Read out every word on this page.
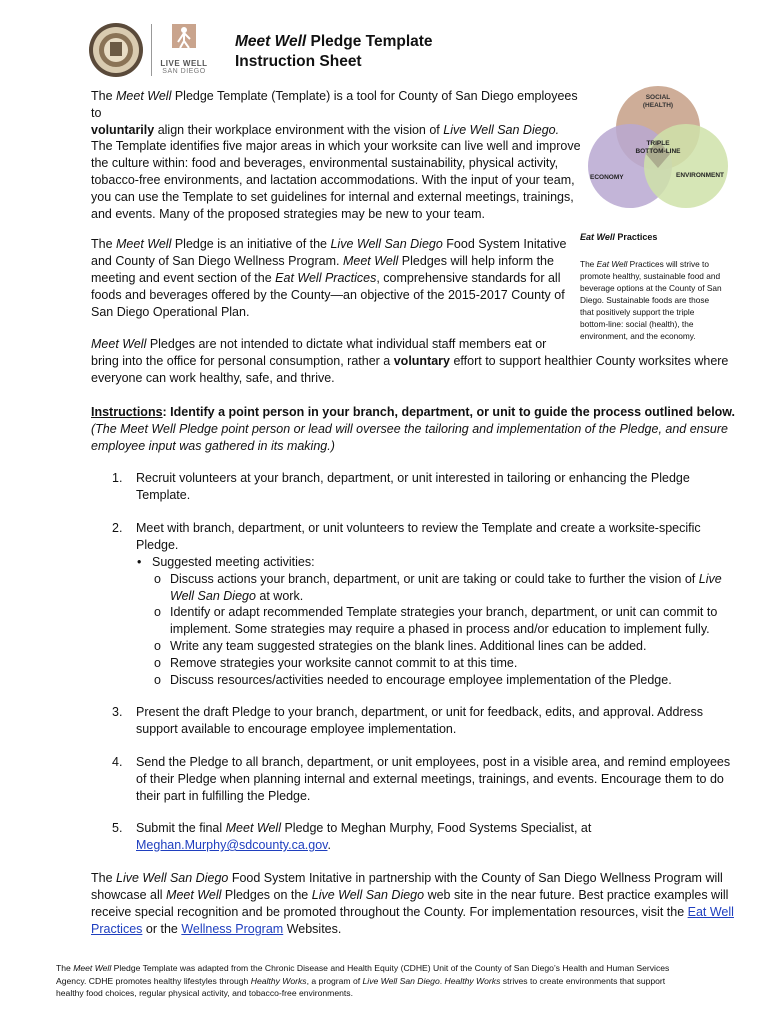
LIVE WELL
SAN DIEGO
Meet Well Pledge Template
Instruction Sheet
The Meet Well Pledge Template (Template) is a tool for County of San Diego employees to
voluntarily align their workplace environment with the vision of Live Well San Diego.
The Template identifies five major areas in which your worksite can live well and improve
the culture within: food and beverages, environmental sustainability, physical activity,
tobacco-free environments, and lactation accommodations. With the input of your team,
you can use the Template to set guidelines for internal and external meetings, trainings,
and events. Many of the proposed strategies may be new to your team.
SOCIAL
(HEALTH)
TRIPLE
BOTTOM-LINE
ECONOMY	ENVIRONMENT
Eat Well Practices
The Eat Well Practices will strive to
promote healthy, sustainable food and
beverage options at the County of San
Diego. Sustainable foods are those
that positively support the triple
bottom-line: social (health), the
environment, and the economy.
The Meet Well Pledge is an initiative of the Live Well San Diego Food System Initative
and County of San Diego Wellness Program. Meet Well Pledges will help inform the
meeting and event section of the Eat Well Practices, comprehensive standards for all
foods and beverages offered by the County—an objective of the 2015-2017 County of
San Diego Operational Plan.
Meet Well Pledges are not intended to dictate what individual staff members eat or
bring into the office for personal consumption, rather a voluntary effort to support healthier County worksites where
everyone can work healthy, safe, and thrive.
Instructions: Identify a point person in your branch, department, or unit to guide the process outlined below.
(The Meet Well Pledge point person or lead will oversee the tailoring and implementation of the Pledge, and ensure
employee input was gathered in its making.)
1. Recruit volunteers at your branch, department, or unit interested in tailoring or enhancing the Pledge
Template.
2. Meet with branch, department, or unit volunteers to review the Template and create a worksite-specific
Pledge.
• Suggested meeting activities:
o Discuss actions your branch, department, or unit are taking or could take to further the vision of Live
Well San Diego at work.
o Identify or adapt recommended Template strategies your branch, department, or unit can commit to
implement. Some strategies may require a phased in process and/or education to implement fully.
o Write any team suggested strategies on the blank lines. Additional lines can be added.
o Remove strategies your worksite cannot commit to at this time.
o Discuss resources/activities needed to encourage employee implementation of the Pledge.
3. Present the draft Pledge to your branch, department, or unit for feedback, edits, and approval. Address
support available to encourage employee implementation.
4. Send the Pledge to all branch, department, or unit employees, post in a visible area, and remind employees
of their Pledge when planning internal and external meetings, trainings, and events. Encourage them to do
their part in fulfilling the Pledge.
5. Submit the final Meet Well Pledge to Meghan Murphy, Food Systems Specialist, at
Meghan.Murphy@sdcounty.ca.gov.
The Live Well San Diego Food System Initative in partnership with the County of San Diego Wellness Program will
showcase all Meet Well Pledges on the Live Well San Diego web site in the near future. Best practice examples will
receive special recognition and be promoted throughout the County. For implementation resources, visit the Eat Well
Practices or the Wellness Program Websites.
The Meet Well Pledge Template was adapted from the Chronic Disease and Health Equity (CDHE) Unit of the County of San Diego’s Health and Human Services
Agency. CDHE promotes healthy lifestyles through Healthy Works, a program of Live Well San Diego. Healthy Works strives to create environments that support
healthy food choices, regular physical activity, and tobacco-free environments.
